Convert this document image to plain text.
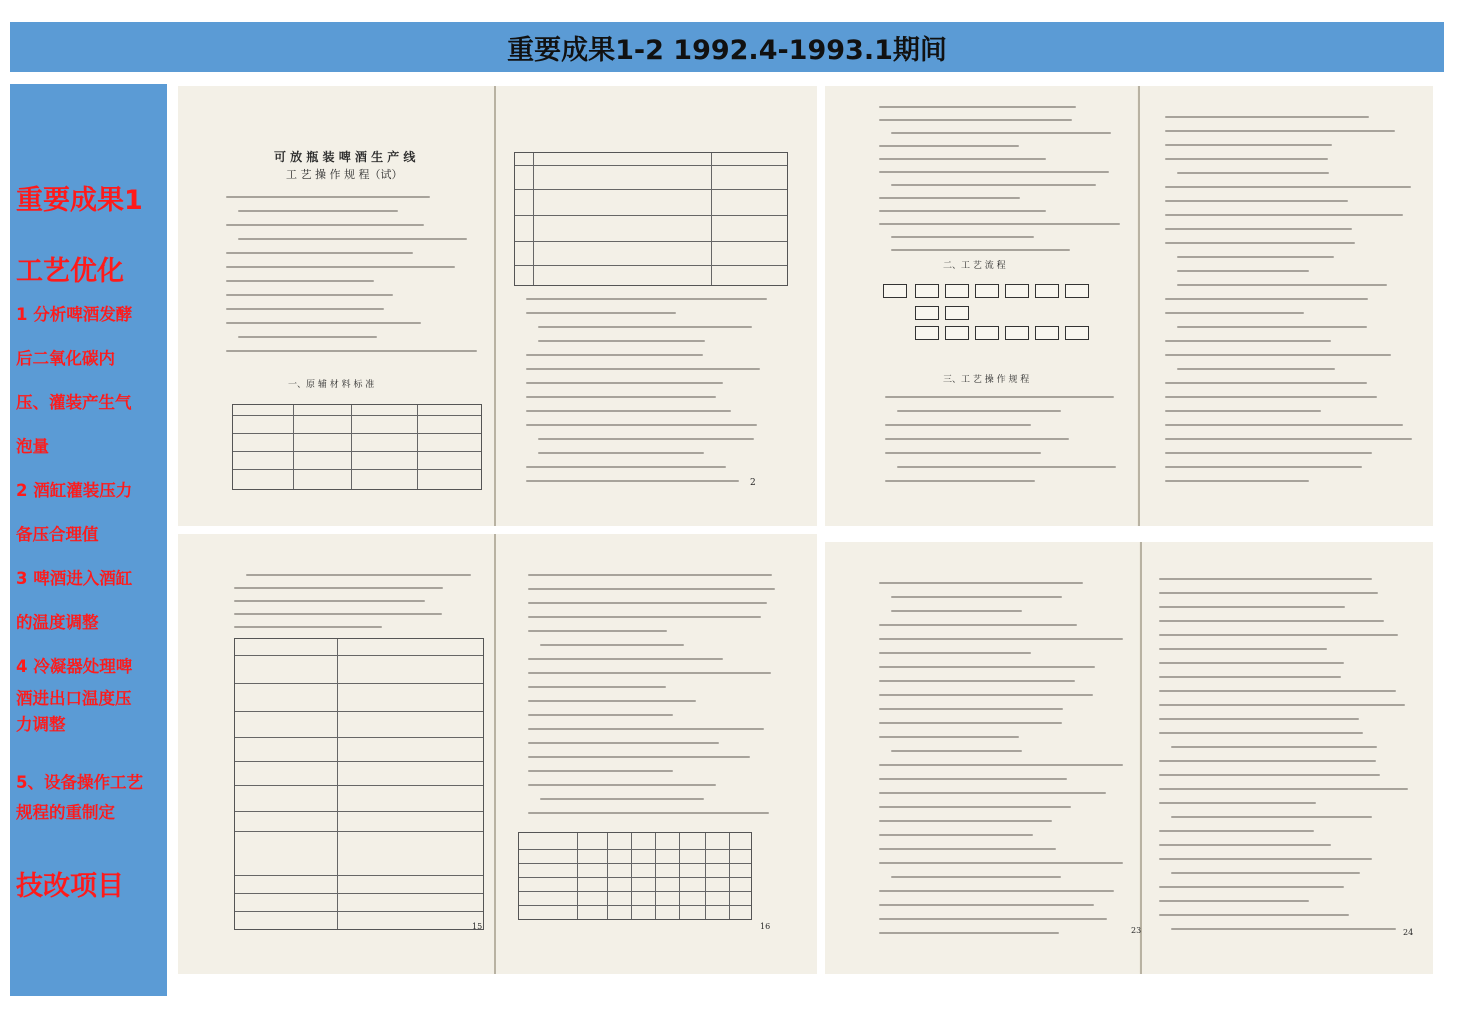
重要成果1-2 1992.4-1993.1期间
重要成果1
工艺优化
1 分析啤酒发酵
后二氧化碳内
压、灌装产生气
泡量
2 酒缸灌装压力
备压合理值
3 啤酒进入酒缸
的温度调整
4 冷凝器处理啤
酒进出口温度压
力调整
5、设备操作工艺
规程的重制定
技改项目
可 放 瓶 装 啤 酒 生 产 线
工 艺 操 作 规 程（试）
一、原 辅 材 料 标 准
2
二、工 艺 流 程
三、工 艺 操 作 规 程
15	16	23	24
